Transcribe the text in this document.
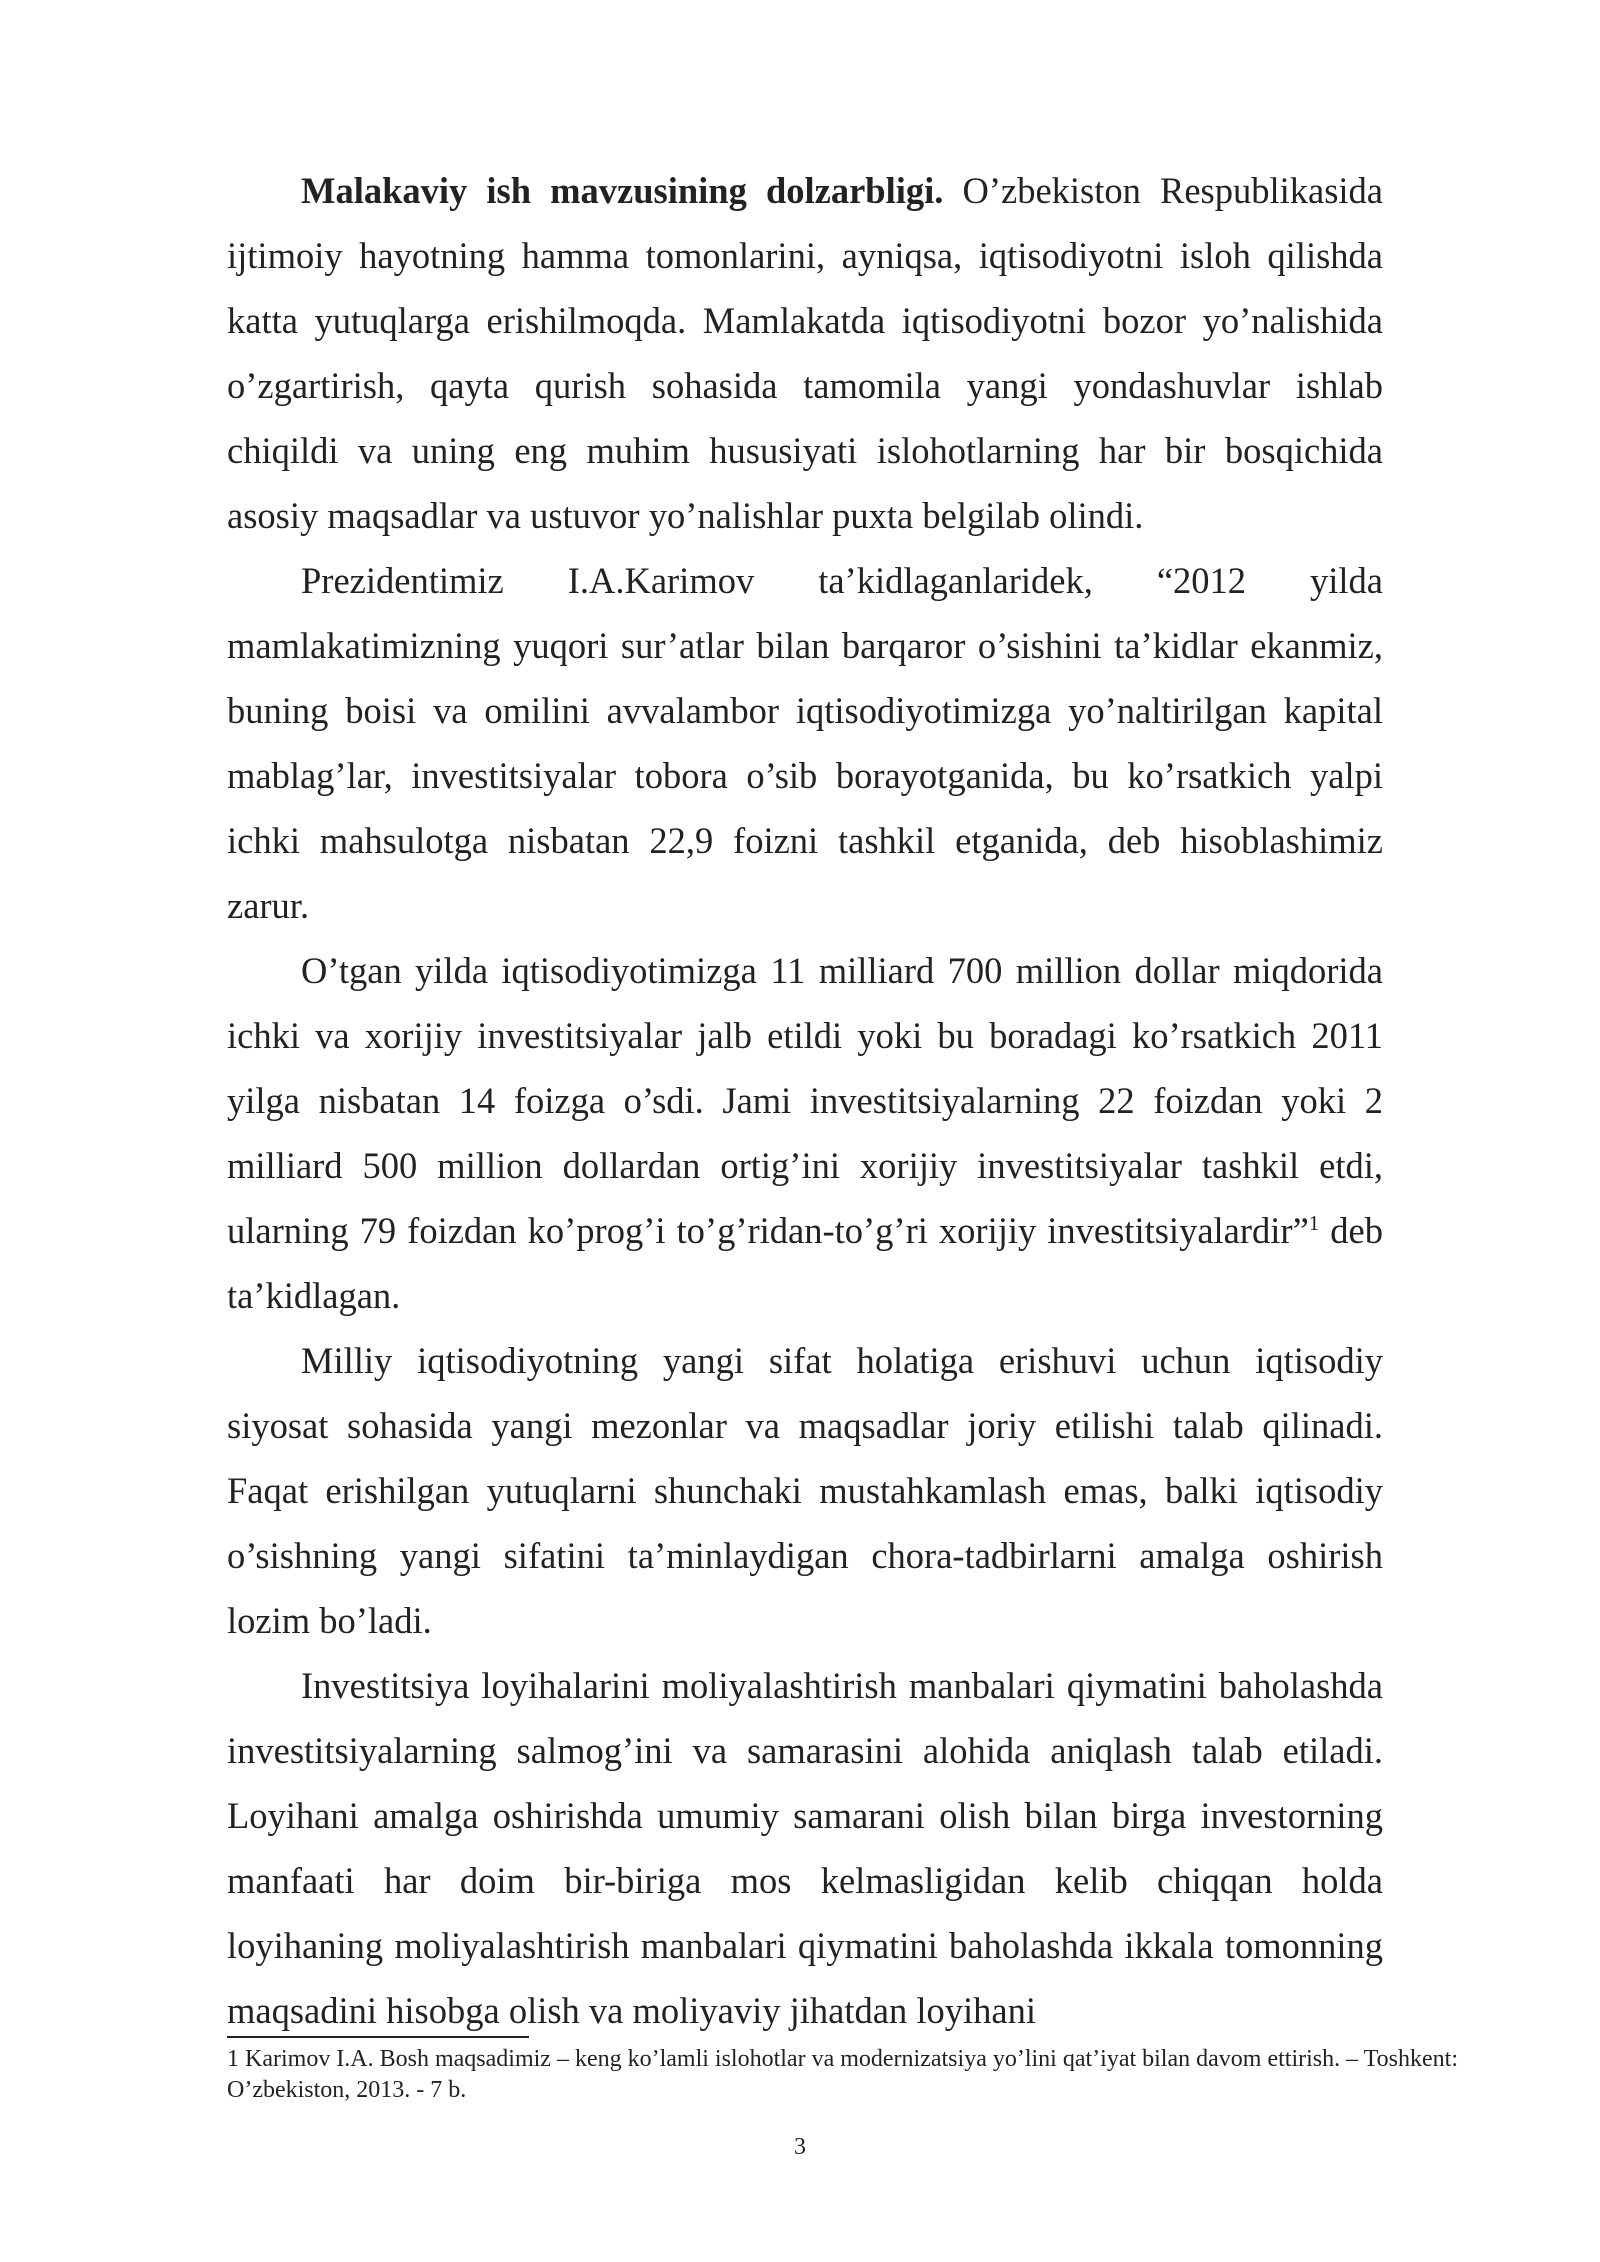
Malakaviy ish mavzusining dolzarbligi. O’zbekiston Respublikasida ijtimoiy hayotning hamma tomonlarini, ayniqsa, iqtisodiyotni isloh qilishda katta yutuqlarga erishilmoqda. Mamlakatda iqtisodiyotni bozor yo’nalishida o’zgartirish, qayta qurish sohasida tamomila yangi yondashuvlar ishlab chiqildi va uning eng muhim hususiyati islohotlarning har bir bosqichida asosiy maqsadlar va ustuvor yo’nalishlar puxta belgilab olindi.

Prezidentimiz I.A.Karimov ta’kidlaganlaridek, “2012 yilda mamlakatimizning yuqori sur’atlar bilan barqaror o’sishini ta’kidlar ekanmiz, buning boisi va omilini avvalambor iqtisodiyotimizga yo’naltirilgan kapital mablag’lar, investitsiyalar tobora o’sib borayotganida, bu ko’rsatkich yalpi ichki mahsulotga nisbatan 22,9 foizni tashkil etganida, deb hisoblashimiz zarur.

O’tgan yilda iqtisodiyotimizga 11 milliard 700 million dollar miqdorida ichki va xorijiy investitsiyalar jalb etildi yoki bu boradagi ko’rsatkich 2011 yilga nisbatan 14 foizga o’sdi. Jami investitsiyalarning 22 foizdan yoki 2 milliard 500 million dollardan ortig’ini xorijiy investitsiyalar tashkil etdi, ularning 79 foizdan ko’prog’i to’g’ridan-to’g’ri xorijiy investitsiyalardir”$^1$ deb ta’kidlagan.

Milliy iqtisodiyotning yangi sifat holatiga erishuvi uchun iqtisodiy siyosat sohasida yangi mezonlar va maqsadlar joriy etilishi talab qilinadi. Faqat erishilgan yutuqlarni shunchaki mustahkamlash emas, balki iqtisodiy o’sishning yangi sifatini ta’minlaydigan chora-tadbirlarni amalga oshirish lozim bo’ladi.

Investitsiya loyihalarini moliyalashtirish manbalari qiymatini baholashda investitsiyalarning salmog’ini va samarasini alohida aniqlash talab etiladi. Loyihani amalga oshirishda umumiy samarani olish bilan birga investorning manfaati har doim bir-biriga mos kelmasligidan kelib chiqqan holda loyihaning moliyalashtirish manbalari qiymatini baholashda ikkala tomonning maqsadini hisobga olish va moliyaviy jihatdan loyihani

1 Karimov I.A. Bosh maqsadimiz – keng ko’lamli islohotlar va modernizatsiya yo’lini qat’iyat bilan davom ettirish. – Toshkent: O’zbekiston, 2013. - 7 b.

3
